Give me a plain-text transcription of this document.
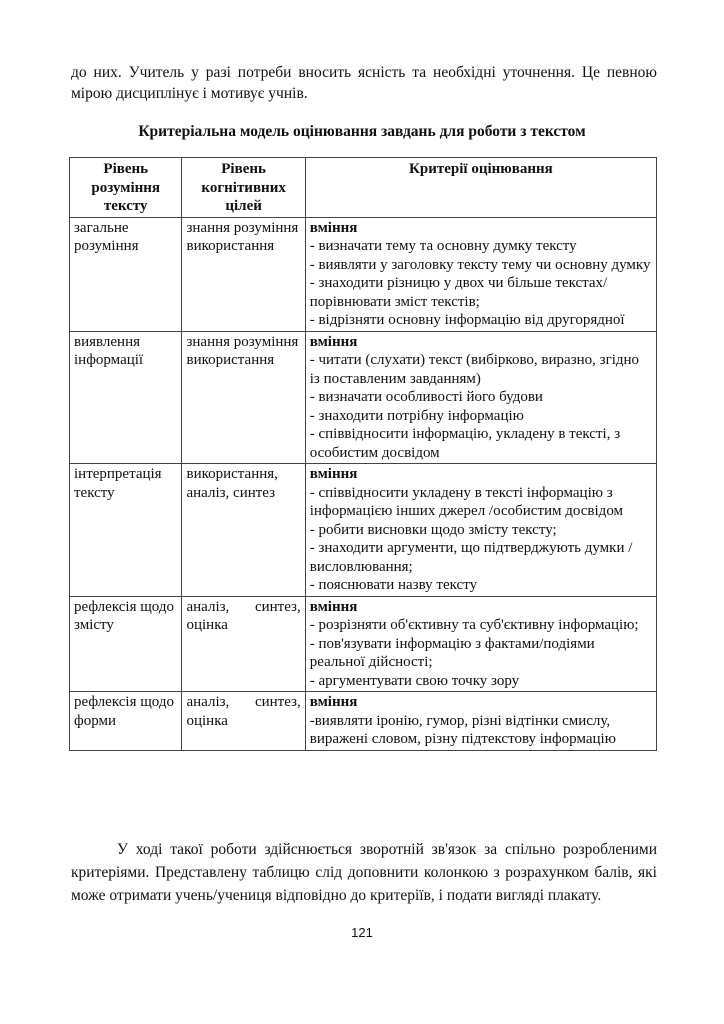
до них. Учитель у разі потреби вносить ясність та необхідні уточнення. Це певною мірою дисциплінує і мотивує учнів.

Критеріальна модель оцінювання завдань для роботи з текстом

Рівень розуміння тексту	Рівень когнітивних цілей	Критерії оцінювання
загальне розуміння	знання розуміння використання	вміння
- визначати тему та основну думку тексту
- виявляти у заголовку тексту тему чи основну думку
- знаходити різницю у двох чи більше текстах/порівнювати зміст текстів;
- відрізняти основну інформацію від другорядної

виявлення інформації	знання розуміння використання	вміння
- читати (слухати) текст (вибірково, виразно, згідно із поставленим завданням)
- визначати особливості його будови
- знаходити потрібну інформацію
- співвідносити інформацію, укладену в тексті, з особистим досвідом

інтерпретація тексту	використання, аналіз, синтез	вміння
- співвідносити укладену в тексті інформацію з інформацією інших джерел /особистим досвідом
- робити висновки щодо змісту тексту;
- знаходити аргументи, що підтверджують думки / висловлювання;
- пояснювати назву тексту

рефлексія щодо змісту	аналіз, синтез, оцінка	вміння
- розрізняти об'єктивну та суб'єктивну інформацію;
- пов'язувати інформацію з фактами/подіями реальної дійсності;
- аргументувати свою точку зору

рефлексія щодо форми	аналіз, синтез, оцінка	вміння
-виявляти іронію, гумор, різні відтінки смислу, виражені словом, різну підтекстову інформацію

У ході такої роботи здійснюється зворотній зв'язок за спільно розробленими критеріями. Представлену таблицю слід доповнити колонкою з розрахунком балів, які може отримати учень/учениця відповідно до критеріїв, і подати вигляді плакату.

121
